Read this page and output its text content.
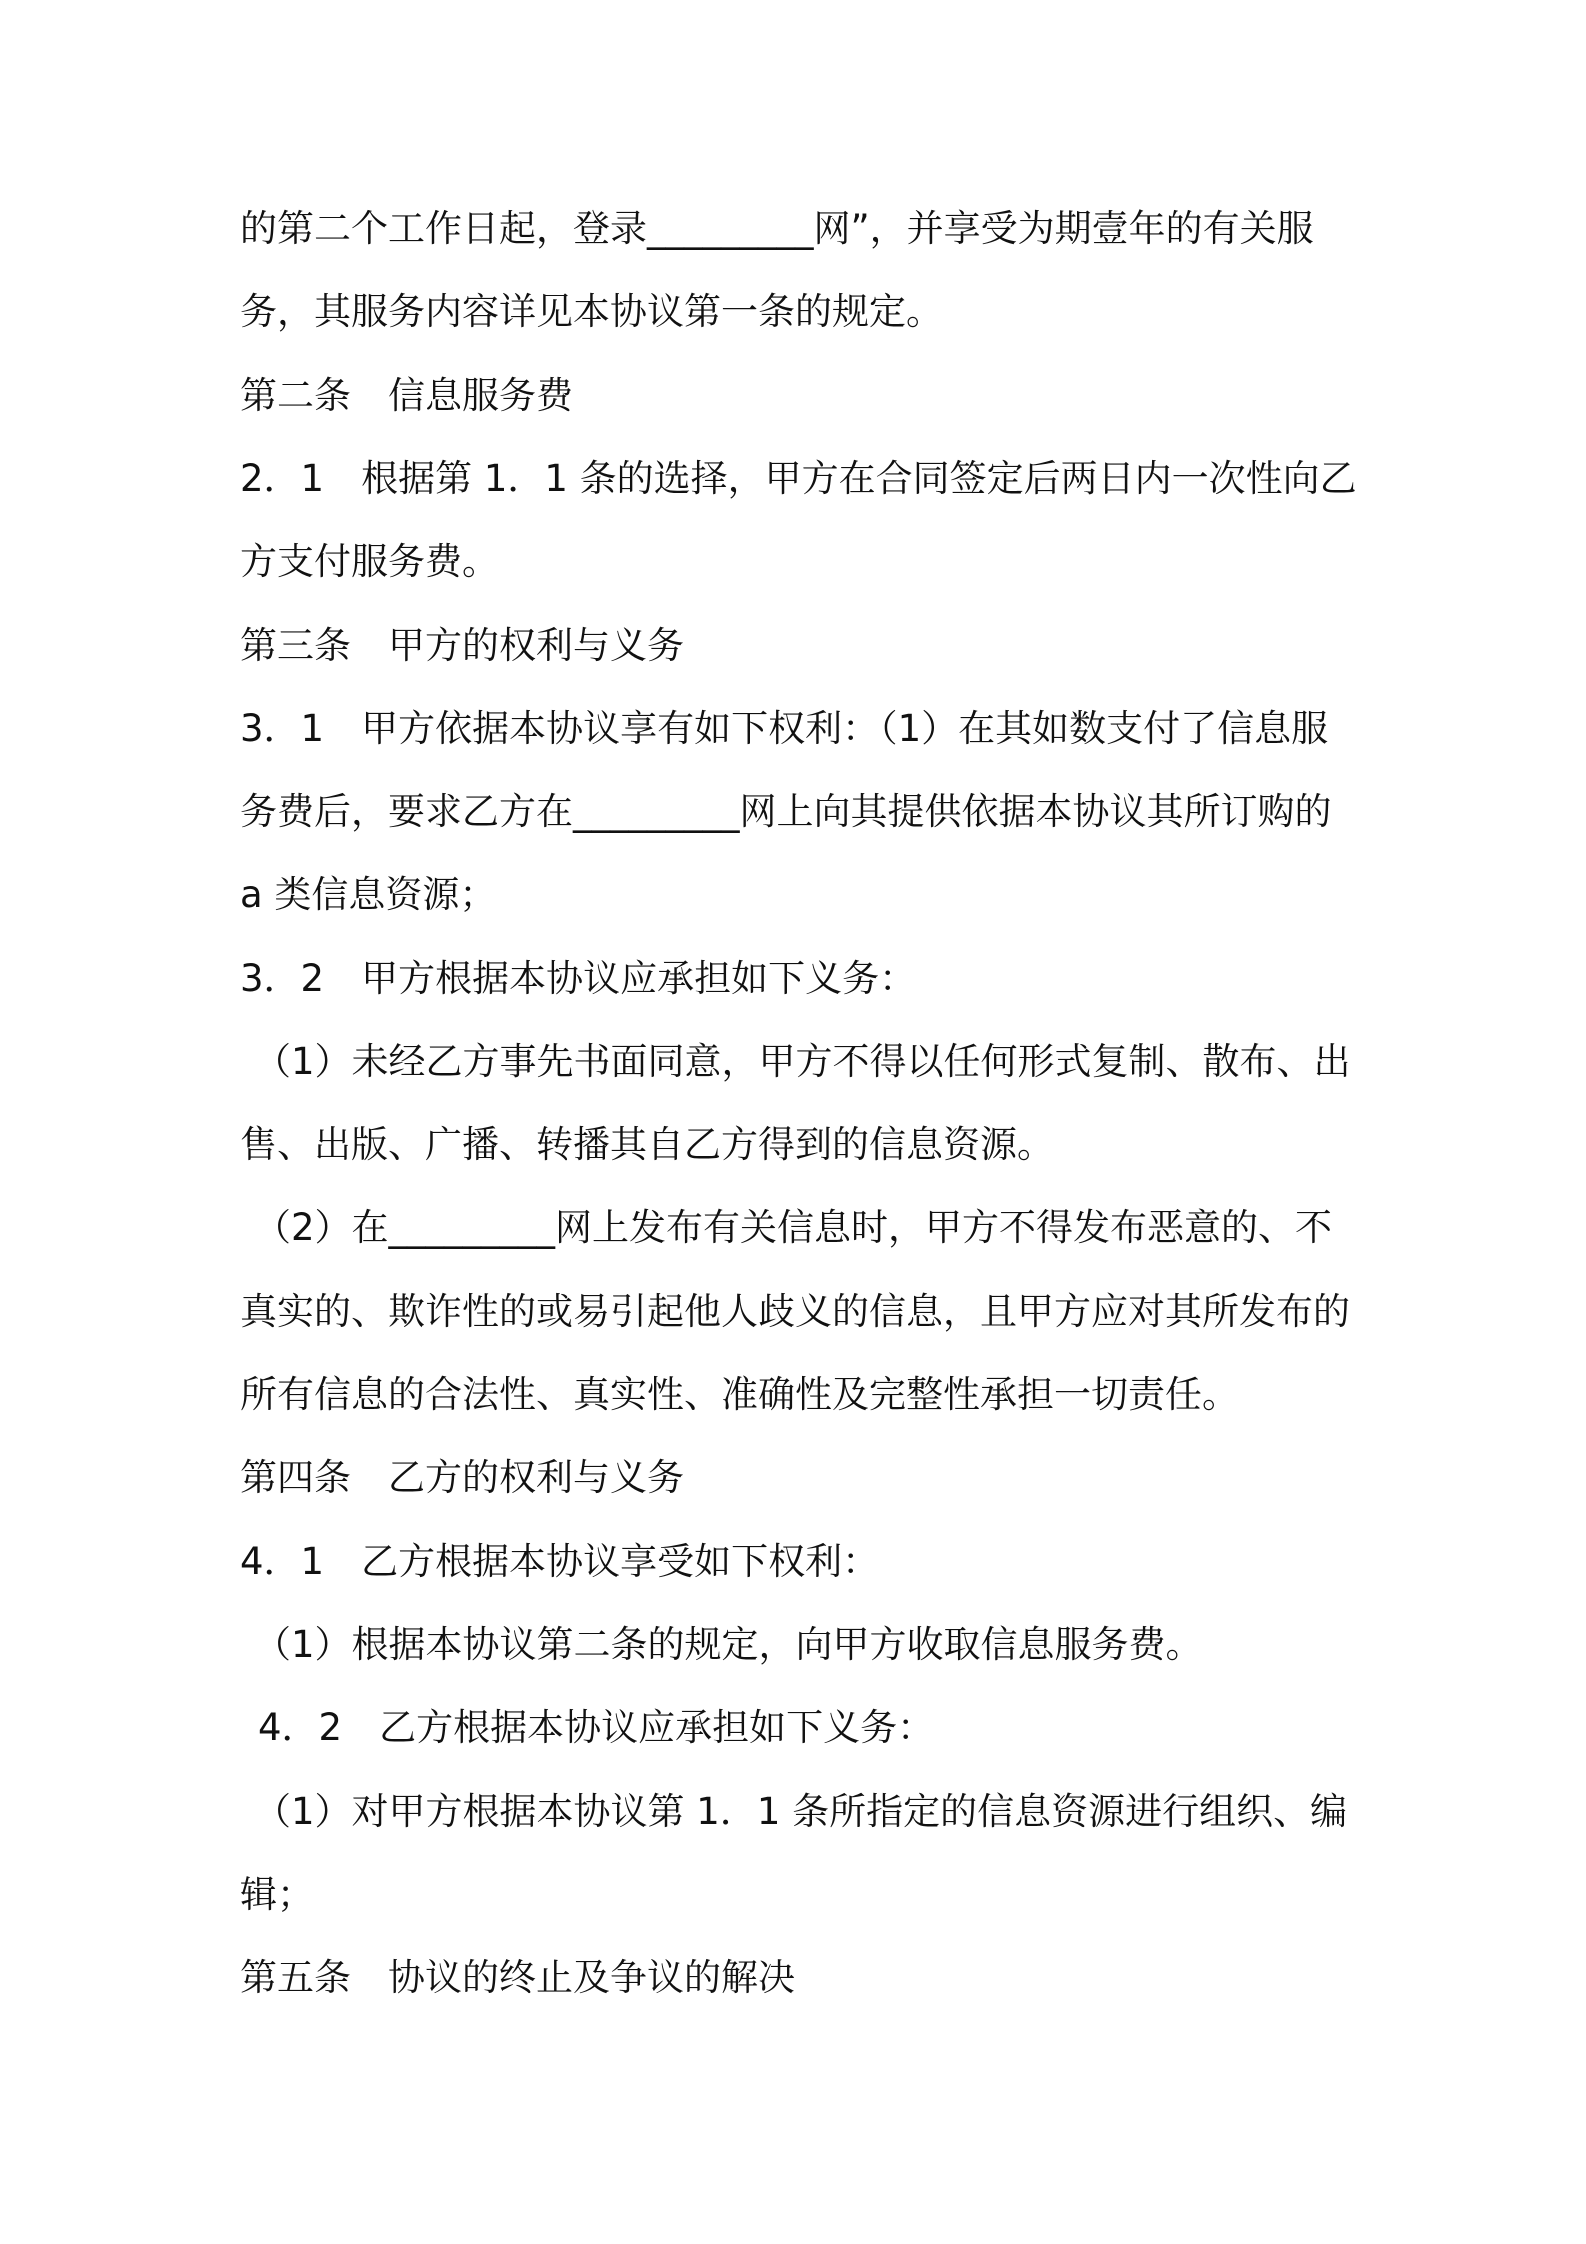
的第二个工作日起，登录_________网”，并享受为期壹年的有关服
务，其服务内容详见本协议第一条的规定。
第二条　信息服务费
2．1　根据第 1．1 条的选择，甲方在合同签定后两日内一次性向乙
方支付服务费。
第三条　甲方的权利与义务
3．1　甲方依据本协议享有如下权利：（1）在其如数支付了信息服
务费后，要求乙方在_________网上向其提供依据本协议其所订购的
a 类信息资源；
3．2　甲方根据本协议应承担如下义务：
（1）未经乙方事先书面同意，甲方不得以任何形式复制、散布、出
售、出版、广播、转播其自乙方得到的信息资源。
（2）在_________网上发布有关信息时，甲方不得发布恶意的、不
真实的、欺诈性的或易引起他人歧义的信息，且甲方应对其所发布的
所有信息的合法性、真实性、准确性及完整性承担一切责任。
第四条　乙方的权利与义务
4．1　乙方根据本协议享受如下权利：
（1）根据本协议第二条的规定，向甲方收取信息服务费。
4．2　乙方根据本协议应承担如下义务：
（1）对甲方根据本协议第 1．1 条所指定的信息资源进行组织、编
辑；
第五条　协议的终止及争议的解决
